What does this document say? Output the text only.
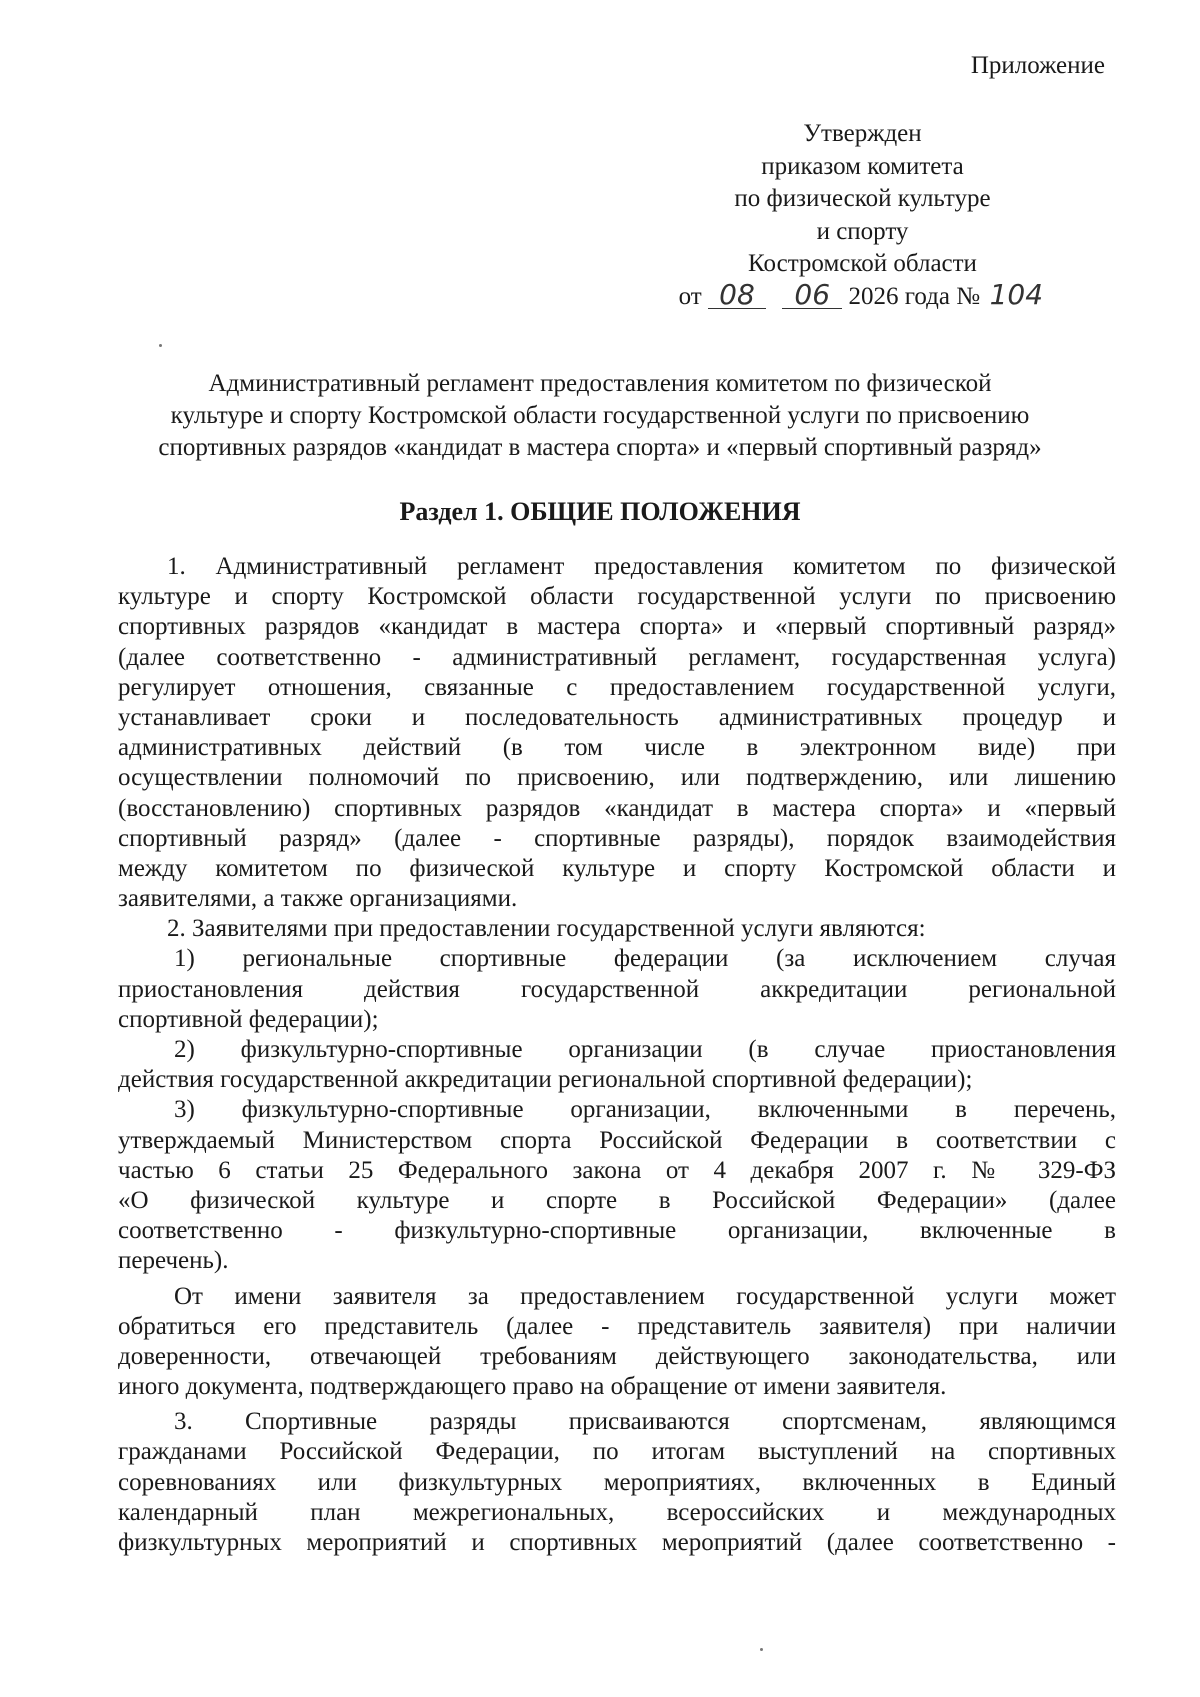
Приложение
Утвержден
приказом комитета
по физической культуре
и спорту
Костромской области
от 08 06 2026 года № 104
Административный регламент предоставления комитетом по физической
культуре и спорту Костромской области государственной услуги по присвоению
спортивных разрядов «кандидат в мастера спорта» и «первый спортивный разряд»
Раздел 1. ОБЩИЕ ПОЛОЖЕНИЯ
1. Административный регламент предоставления комитетом по физической
культуре и спорту Костромской области государственной услуги по присвоению
спортивных разрядов «кандидат в мастера спорта» и «первый спортивный разряд»
(далее соответственно - административный регламент, государственная услуга)
регулирует отношения, связанные с предоставлением государственной услуги,
устанавливает сроки и последовательность административных процедур и
административных действий (в том числе в электронном виде) при
осуществлении полномочий по присвоению, или подтверждению, или лишению
(восстановлению) спортивных разрядов «кандидат в мастера спорта» и «первый
спортивный разряд» (далее - спортивные разряды), порядок взаимодействия
между комитетом по физической культуре и спорту Костромской области и
заявителями, а также организациями.
2. Заявителями при предоставлении государственной услуги являются:
1) региональные спортивные федерации (за исключением случая
приостановления действия государственной аккредитации региональной
спортивной федерации);
2) физкультурно-спортивные организации (в случае приостановления
действия государственной аккредитации региональной спортивной федерации);
3) физкультурно-спортивные организации, включенными в перечень,
утверждаемый Министерством спорта Российской Федерации в соответствии с
частью 6 статьи 25 Федерального закона от 4 декабря 2007 г. № 329-ФЗ
«О физической культуре и спорте в Российской Федерации» (далее
соответственно - физкультурно-спортивные организации, включенные в
перечень).
От имени заявителя за предоставлением государственной услуги может
обратиться его представитель (далее - представитель заявителя) при наличии
доверенности, отвечающей требованиям действующего законодательства, или
иного документа, подтверждающего право на обращение от имени заявителя.
3. Спортивные разряды присваиваются спортсменам, являющимся
гражданами Российской Федерации, по итогам выступлений на спортивных
соревнованиях или физкультурных мероприятиях, включенных в Единый
календарный план межрегиональных, всероссийских и международных
физкультурных мероприятий и спортивных мероприятий (далее соответственно -
